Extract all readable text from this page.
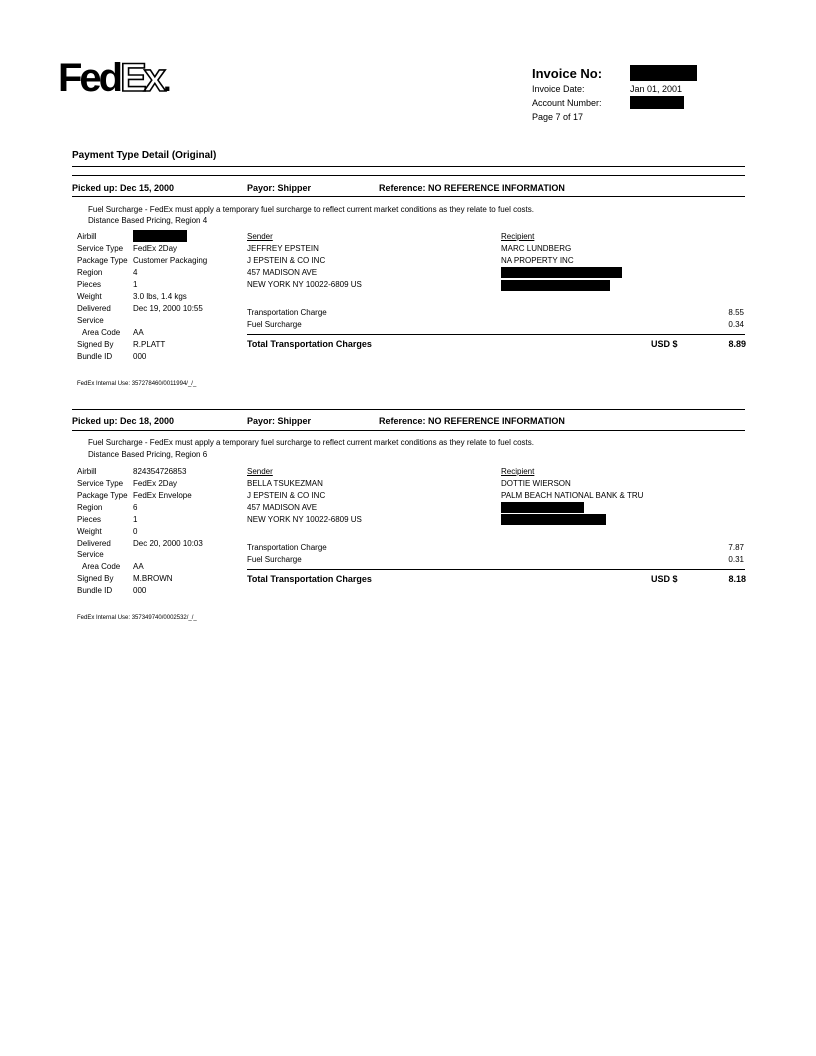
FedEx.	Invoice No:
Invoice Date:	Jan 01, 2001
Account Number:
Page 7 of 17
Payment Type Detail (Original)
Picked up: Dec 15, 2000	Payor: Shipper	Reference: NO REFERENCE INFORMATION
Fuel Surcharge - FedEx must apply a temporary fuel surcharge to reflect current market conditions as they relate to fuel costs.
Distance Based Pricing, Region 4
Airbill
Service Type FedEx 2Day
Package Type Customer Packaging
Region	4
Pieces	1
Weight	3.0 lbs, 1.4 kgs
Delivered	Dec 19, 2000 10:55
Service
Area Code AA
Signed By R.PLATT
Bundle ID	000
Sender
JEFFREY EPSTEIN
J EPSTEIN & CO INC
457 MADISON AVE
NEW YORK NY 10022-6809 US
Recipient
MARC LUNDBERG
NA PROPERTY INC
Transportation Charge	8.55
Fuel Surcharge	0.34
Total Transportation Charges	USD $	8.89
FedEx Internal Use: 357278460/0011994/_/_
Picked up: Dec 18, 2000	Payor: Shipper	Reference: NO REFERENCE INFORMATION
Fuel Surcharge - FedEx must apply a temporary fuel surcharge to reflect current market conditions as they relate to fuel costs.
Distance Based Pricing, Region 6
Airbill	824354726853
Service Type FedEx 2Day
Package Type FedEx Envelope
Region	6
Pieces	1
Weight	0
Delivered	Dec 20, 2000 10:03
Service
Area Code AA
Signed By M.BROWN
Bundle ID	000
Sender
BELLA TSUKEZMAN
J EPSTEIN & CO INC
457 MADISON AVE
NEW YORK NY 10022-6809 US
Recipient
DOTTIE WIERSON
PALM BEACH NATIONAL BANK & TRU
Transportation Charge	7.87
Fuel Surcharge	0.31
Total Transportation Charges	USD $	8.18
FedEx Internal Use: 357349740/0002532/_/_
